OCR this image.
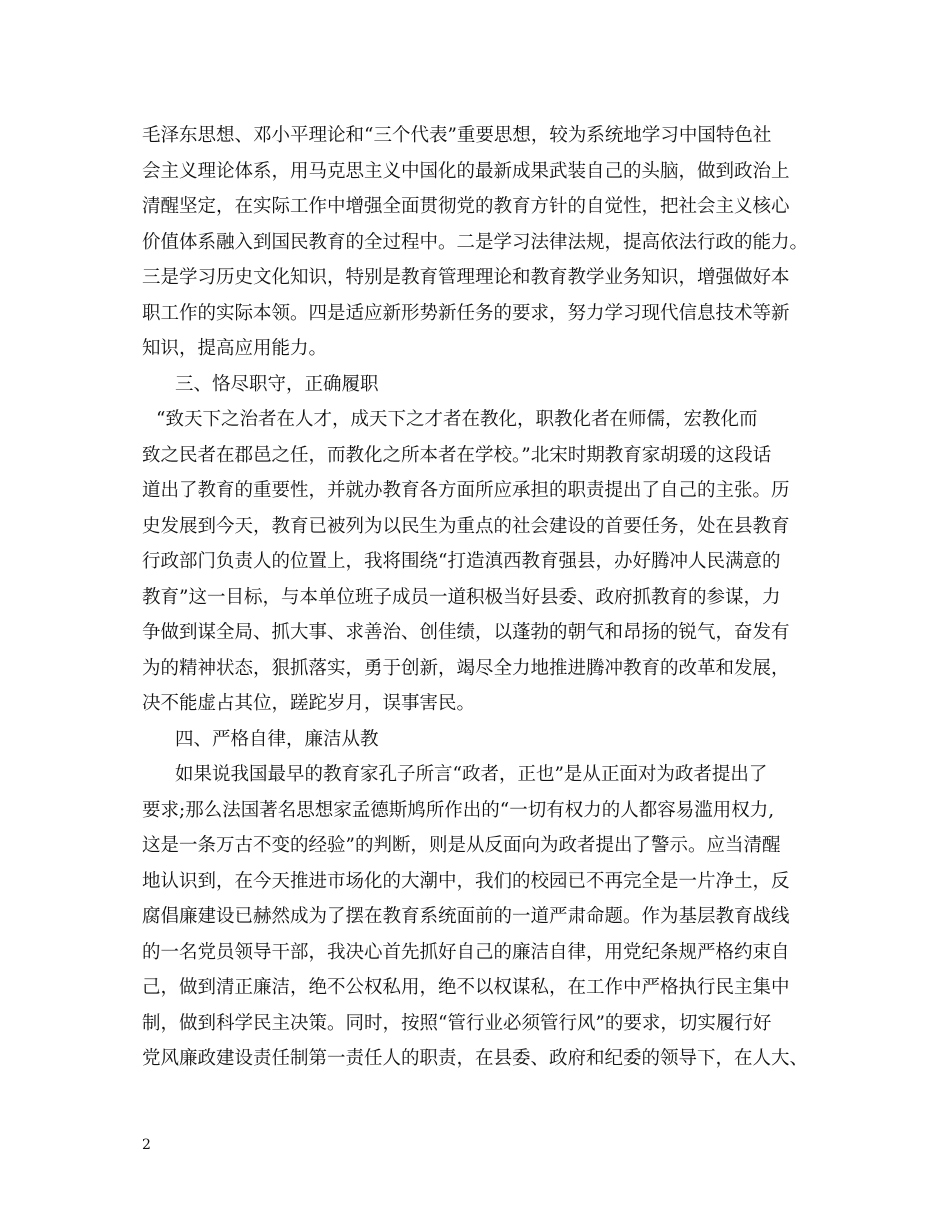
毛泽东思想、邓小平理论和“三个代表”重要思想，较为系统地学习中国特色社
会主义理论体系，用马克思主义中国化的最新成果武装自己的头脑，做到政治上
清醒坚定，在实际工作中增强全面贯彻党的教育方针的自觉性，把社会主义核心
价值体系融入到国民教育的全过程中。二是学习法律法规，提高依法行政的能力。
三是学习历史文化知识，特别是教育管理理论和教育教学业务知识，增强做好本
职工作的实际本领。四是适应新形势新任务的要求，努力学习现代信息技术等新
知识，提高应用能力。
三、恪尽职守，正确履职
“致天下之治者在人才，成天下之才者在教化，职教化者在师儒，宏教化而
致之民者在郡邑之任，而教化之所本者在学校。”北宋时期教育家胡瑗的这段话
道出了教育的重要性，并就办教育各方面所应承担的职责提出了自己的主张。历
史发展到今天，教育已被列为以民生为重点的社会建设的首要任务，处在县教育
行政部门负责人的位置上，我将围绕“打造滇西教育强县，办好腾冲人民满意的
教育”这一目标，与本单位班子成员一道积极当好县委、政府抓教育的参谋，力
争做到谋全局、抓大事、求善治、创佳绩，以蓬勃的朝气和昂扬的锐气，奋发有
为的精神状态，狠抓落实，勇于创新，竭尽全力地推进腾冲教育的改革和发展，
决不能虚占其位，蹉跎岁月，误事害民。
四、严格自律，廉洁从教
如果说我国最早的教育家孔子所言“政者，正也”是从正面对为政者提出了
要求;那么法国著名思想家孟德斯鸠所作出的“一切有权力的人都容易滥用权力,
这是一条万古不变的经验”的判断，则是从反面向为政者提出了警示。应当清醒
地认识到，在今天推进市场化的大潮中，我们的校园已不再完全是一片净土，反
腐倡廉建设已赫然成为了摆在教育系统面前的一道严肃命题。作为基层教育战线
的一名党员领导干部，我决心首先抓好自己的廉洁自律，用党纪条规严格约束自
己，做到清正廉洁，绝不公权私用，绝不以权谋私，在工作中严格执行民主集中
制，做到科学民主决策。同时，按照“管行业必须管行风”的要求，切实履行好
党风廉政建设责任制第一责任人的职责，在县委、政府和纪委的领导下，在人大、
2
